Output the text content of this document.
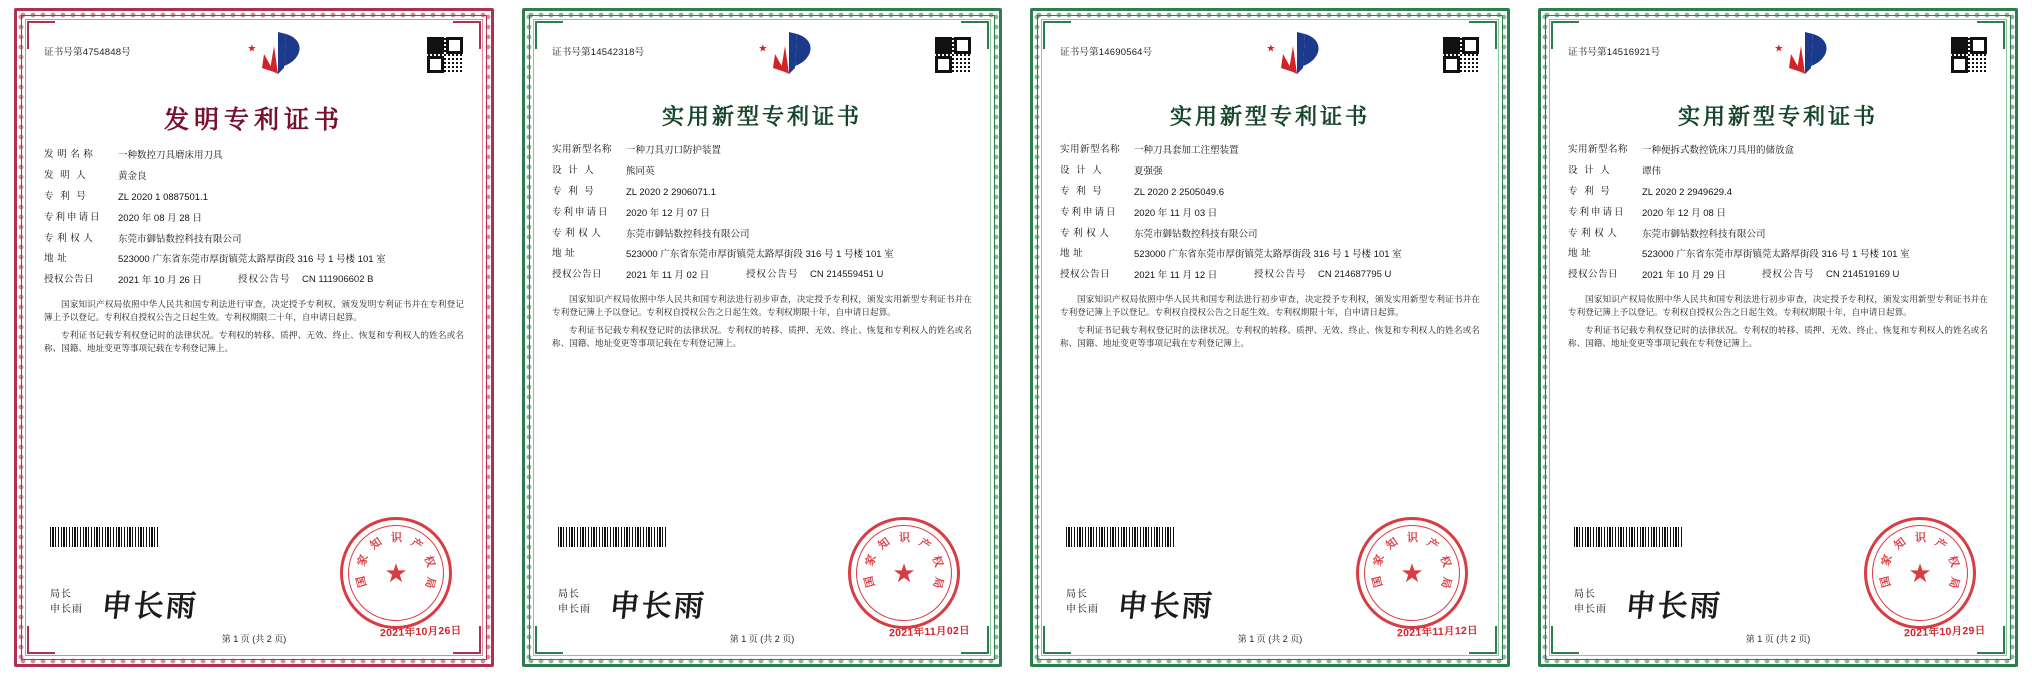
证书号第4754848号
发明专利证书
发 明 名 称	一种数控刀具磨床用刀具
发 明 人	黄金良
专 利 号	ZL 2020 1 0887501.1
专利申请日	2020 年 08 月 28 日
专 利 权 人	东莞市御钻数控科技有限公司
地 址	523000 广东省东莞市厚街镇莞太路厚街段 316 号 1 号楼 101 室
授权公告日	2021 年 10 月 26 日	授权公告号	CN 111906602 B

国家知识产权局依照中华人民共和国专利法进行审查，决定授予专利权，颁发发明专利证书并在专利登记簿上予以登记。专利权自授权公告之日起生效。专利权期限二十年，自申请日起算。

专利证书记载专利权登记时的法律状况。专利权的转移、质押、无效、终止、恢复和专利权人的姓名或名称、国籍、地址变更等事项记载在专利登记簿上。

局长
申长雨 申长雨
国
家
知 识 产
权
局
★
2021年10月26日
第 1 页 (共 2 页)
证书号第14542318号
实用新型专利证书
实用新型名称	一种刀具刃口防护装置
设 计 人	熊同英
专 利 号	ZL 2020 2 2906071.1
专利申请日	2020 年 12 月 07 日
专 利 权 人	东莞市御钻数控科技有限公司
地 址	523000 广东省东莞市厚街镇莞太路厚街段 316 号 1 号楼 101 室
授权公告日	2021 年 11 月 02 日	授权公告号	CN 214559451 U

国家知识产权局依照中华人民共和国专利法进行初步审查，决定授予专利权，颁发实用新型专利证书并在专利登记簿上予以登记。专利权自授权公告之日起生效。专利权期限十年，自申请日起算。

专利证书记载专利权登记时的法律状况。专利权的转移、质押、无效、终止、恢复和专利权人的姓名或名称、国籍、地址变更等事项记载在专利登记簿上。

局长
申长雨 申长雨
国
家
知 识 产
权
局
★
2021年11月02日
第 1 页 (共 2 页)
证书号第14690564号
实用新型专利证书
实用新型名称	一种刀具套加工注塑装置
设 计 人	夏强强
专 利 号	ZL 2020 2 2505049.6
专利申请日	2020 年 11 月 03 日
专 利 权 人	东莞市御钻数控科技有限公司
地 址	523000 广东省东莞市厚街镇莞太路厚街段 316 号 1 号楼 101 室
授权公告日	2021 年 11 月 12 日	授权公告号	CN 214687795 U

国家知识产权局依照中华人民共和国专利法进行初步审查，决定授予专利权，颁发实用新型专利证书并在专利登记簿上予以登记。专利权自授权公告之日起生效。专利权期限十年，自申请日起算。

专利证书记载专利权登记时的法律状况。专利权的转移、质押、无效、终止、恢复和专利权人的姓名或名称、国籍、地址变更等事项记载在专利登记簿上。

局长
申长雨 申长雨
国
家
知 识 产
权
局
★
2021年11月12日
第 1 页 (共 2 页)
证书号第14516921号
实用新型专利证书
实用新型名称	一种便拆式数控铣床刀具用的储放盒
设 计 人	谭伟
专 利 号	ZL 2020 2 2949629.4
专利申请日	2020 年 12 月 08 日
专 利 权 人	东莞市御钻数控科技有限公司
地 址	523000 广东省东莞市厚街镇莞太路厚街段 316 号 1 号楼 101 室
授权公告日	2021 年 10 月 29 日	授权公告号	CN 214519169 U

国家知识产权局依照中华人民共和国专利法进行初步审查，决定授予专利权，颁发实用新型专利证书并在专利登记簿上予以登记。专利权自授权公告之日起生效。专利权期限十年，自申请日起算。

专利证书记载专利权登记时的法律状况。专利权的转移、质押、无效、终止、恢复和专利权人的姓名或名称、国籍、地址变更等事项记载在专利登记簿上。

局长
申长雨 申长雨
国
家
知 识 产
权
局
★
2021年10月29日
第 1 页 (共 2 页)
